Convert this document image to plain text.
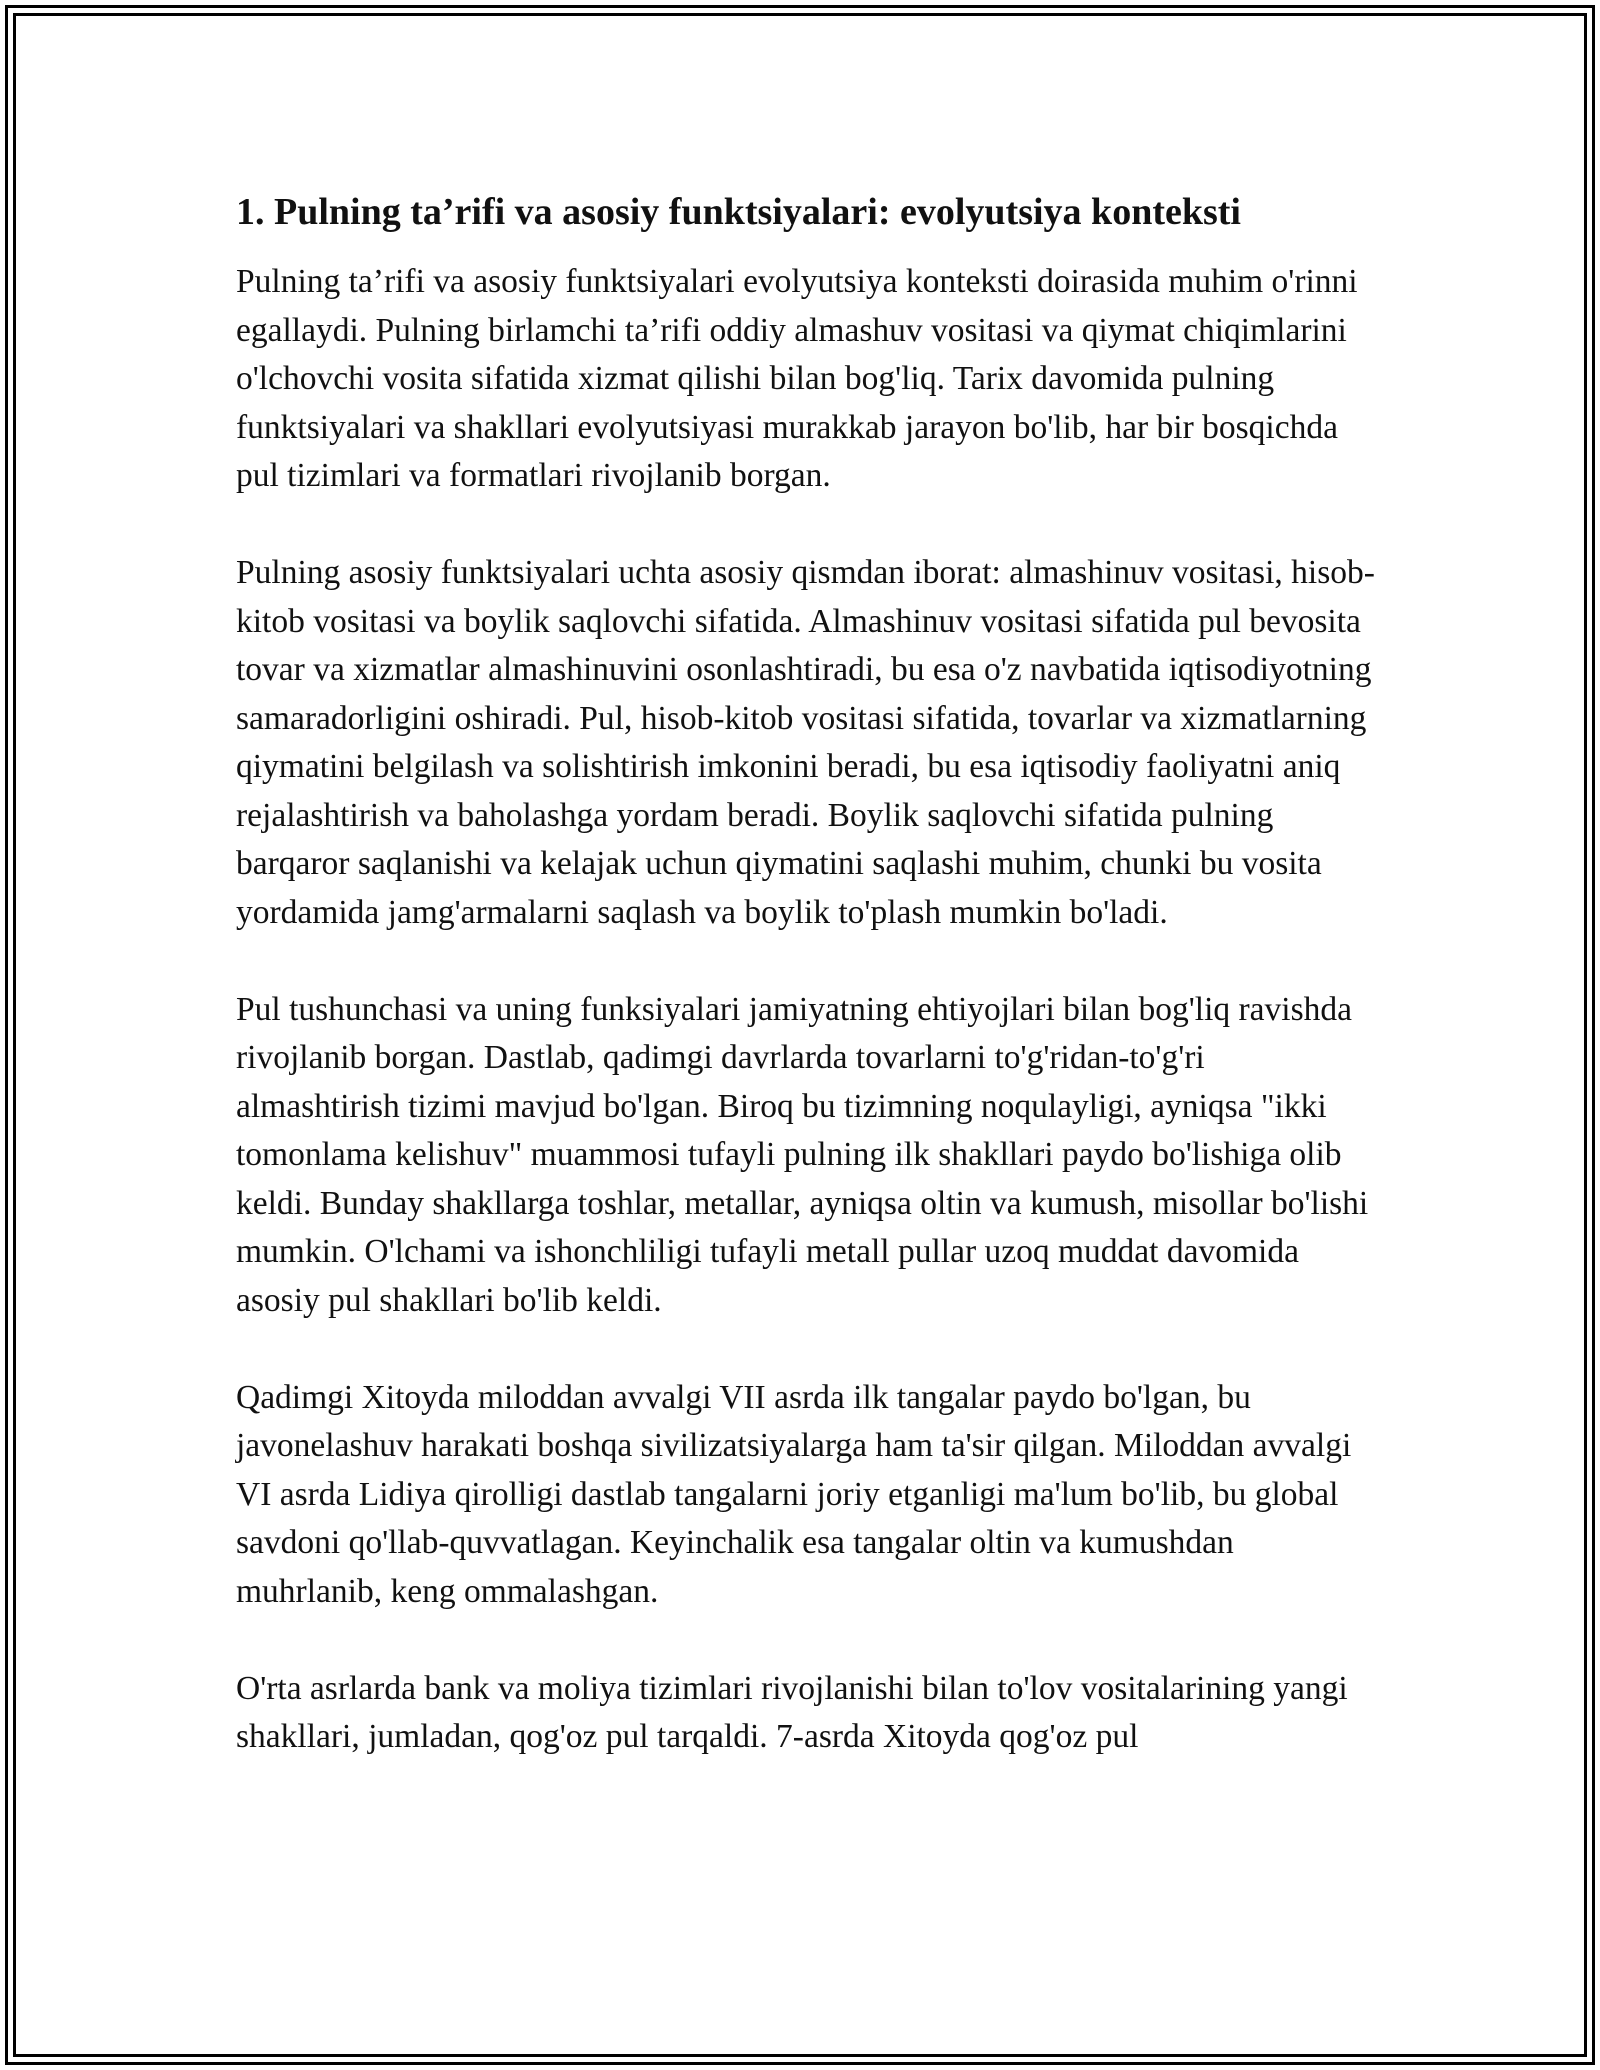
1. Pulning ta’rifi va asosiy funktsiyalari: evolyutsiya konteksti

Pulning ta’rifi va asosiy funktsiyalari evolyutsiya konteksti doirasida muhim o'rinni egallaydi. Pulning birlamchi ta’rifi oddiy almashuv vositasi va qiymat chiqimlarini o'lchovchi vosita sifatida xizmat qilishi bilan bog'liq. Tarix davomida pulning funktsiyalari va shakllari evolyutsiyasi murakkab jarayon bo'lib, har bir bosqichda pul tizimlari va formatlari rivojlanib borgan.

Pulning asosiy funktsiyalari uchta asosiy qismdan iborat: almashinuv vositasi, hisob-kitob vositasi va boylik saqlovchi sifatida. Almashinuv vositasi sifatida pul bevosita tovar va xizmatlar almashinuvini osonlashtiradi, bu esa o'z navbatida iqtisodiyotning samaradorligini oshiradi. Pul, hisob-kitob vositasi sifatida, tovarlar va xizmatlarning qiymatini belgilash va solishtirish imkonini beradi, bu esa iqtisodiy faoliyatni aniq rejalashtirish va baholashga yordam beradi. Boylik saqlovchi sifatida pulning barqaror saqlanishi va kelajak uchun qiymatini saqlashi muhim, chunki bu vosita yordamida jamg'armalarni saqlash va boylik to'plash mumkin bo'ladi.

Pul tushunchasi va uning funksiyalari jamiyatning ehtiyojlari bilan bog'liq ravishda rivojlanib borgan. Dastlab, qadimgi davrlarda tovarlarni to'g'ridan-to'g'ri almashtirish tizimi mavjud bo'lgan. Biroq bu tizimning noqulayligi, ayniqsa "ikki tomonlama kelishuv" muammosi tufayli pulning ilk shakllari paydo bo'lishiga olib keldi. Bunday shakllarga toshlar, metallar, ayniqsa oltin va kumush, misollar bo'lishi mumkin. O'lchami va ishonchliligi tufayli metall pullar uzoq muddat davomida asosiy pul shakllari bo'lib keldi.

Qadimgi Xitoyda miloddan avvalgi VII asrda ilk tangalar paydo bo'lgan, bu javonelashuv harakati boshqa sivilizatsiyalarga ham ta'sir qilgan. Miloddan avvalgi VI asrda Lidiya qirolligi dastlab tangalarni joriy etganligi ma'lum bo'lib, bu global savdoni qo'llab-quvvatlagan. Keyinchalik esa tangalar oltin va kumushdan muhrlanib, keng ommalashgan.

O'rta asrlarda bank va moliya tizimlari rivojlanishi bilan to'lov vositalarining yangi shakllari, jumladan, qog'oz pul tarqaldi. 7-asrda Xitoyda qog'oz pul
